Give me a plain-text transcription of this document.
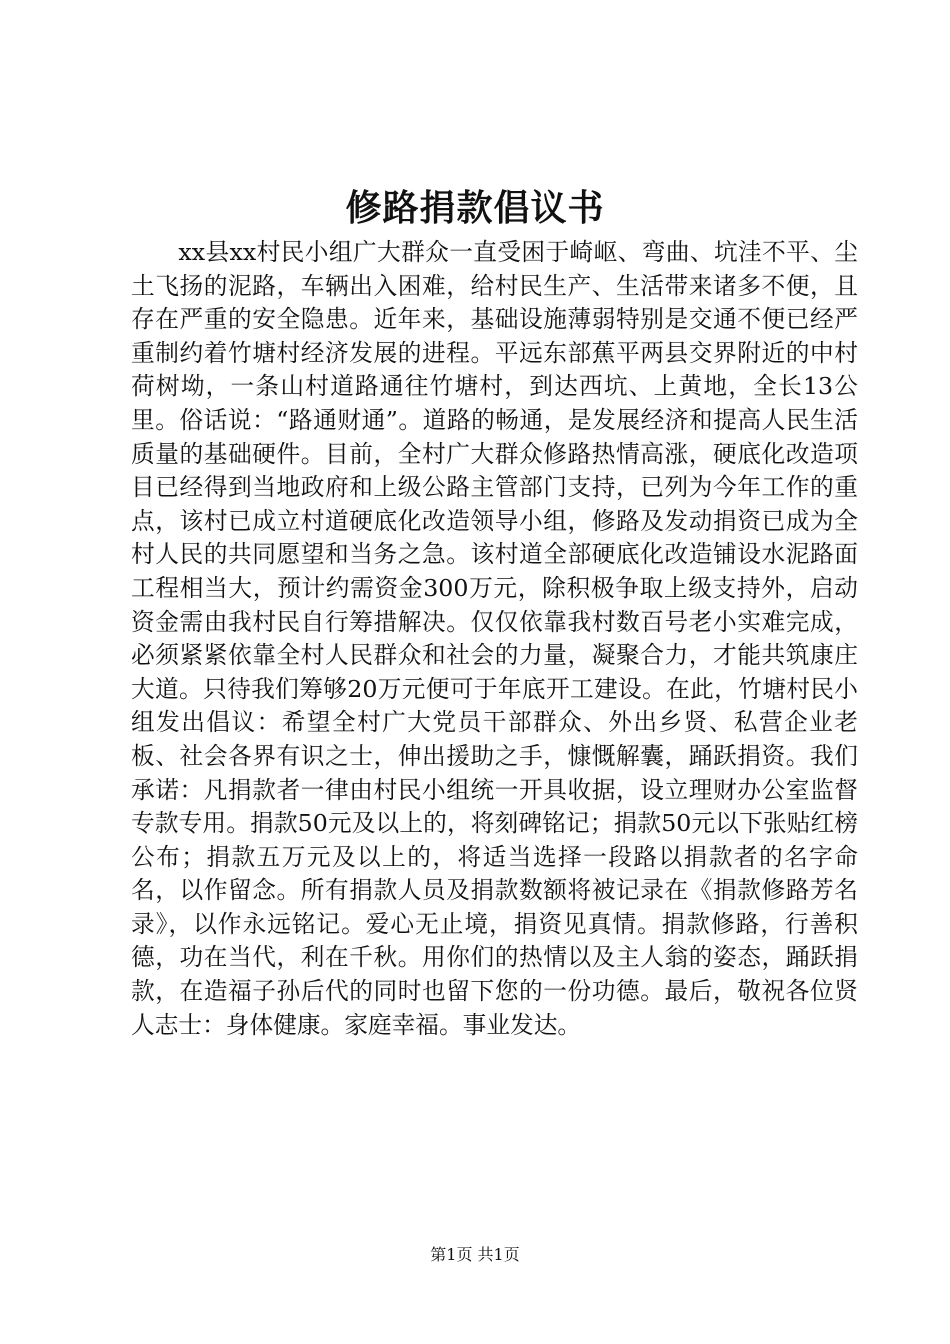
修路捐款倡议书

xx县xx村民小组广大群众一直受困于崎岖、弯曲、坑洼不平、尘土飞扬的泥路，车辆出入困难，给村民生产、生活带来诸多不便，且存在严重的安全隐患。近年来，基础设施薄弱特别是交通不便已经严重制约着竹塘村经济发展的进程。平远东部蕉平两县交界附近的中村荷树坳，一条山村道路通往竹塘村，到达西坑、上黄地，全长13公里。俗话说：“路通财通”。道路的畅通，是发展经济和提高人民生活质量的基础硬件。目前，全村广大群众修路热情高涨，硬底化改造项目已经得到当地政府和上级公路主管部门支持，已列为今年工作的重点，该村已成立村道硬底化改造领导小组，修路及发动捐资已成为全村人民的共同愿望和当务之急。该村道全部硬底化改造铺设水泥路面工程相当大，预计约需资金300万元，除积极争取上级支持外，启动资金需由我村民自行筹措解决。仅仅依靠我村数百号老小实难完成，必须紧紧依靠全村人民群众和社会的力量，凝聚合力，才能共筑康庄大道。只待我们筹够20万元便可于年底开工建设。在此，竹塘村民小组发出倡议：希望全村广大党员干部群众、外出乡贤、私营企业老板、社会各界有识之士，伸出援助之手，慷慨解囊，踊跃捐资。我们承诺：凡捐款者一律由村民小组统一开具收据，设立理财办公室监督专款专用。捐款50元及以上的，将刻碑铭记；捐款50元以下张贴红榜公布；捐款五万元及以上的，将适当选择一段路以捐款者的名字命名，以作留念。所有捐款人员及捐款数额将被记录在《捐款修路芳名录》，以作永远铭记。爱心无止境，捐资见真情。捐款修路，行善积德，功在当代，利在千秋。用你们的热情以及主人翁的姿态，踊跃捐款，在造福子孙后代的同时也留下您的一份功德。最后，敬祝各位贤人志士：身体健康。家庭幸福。事业发达。

第1页 共1页
